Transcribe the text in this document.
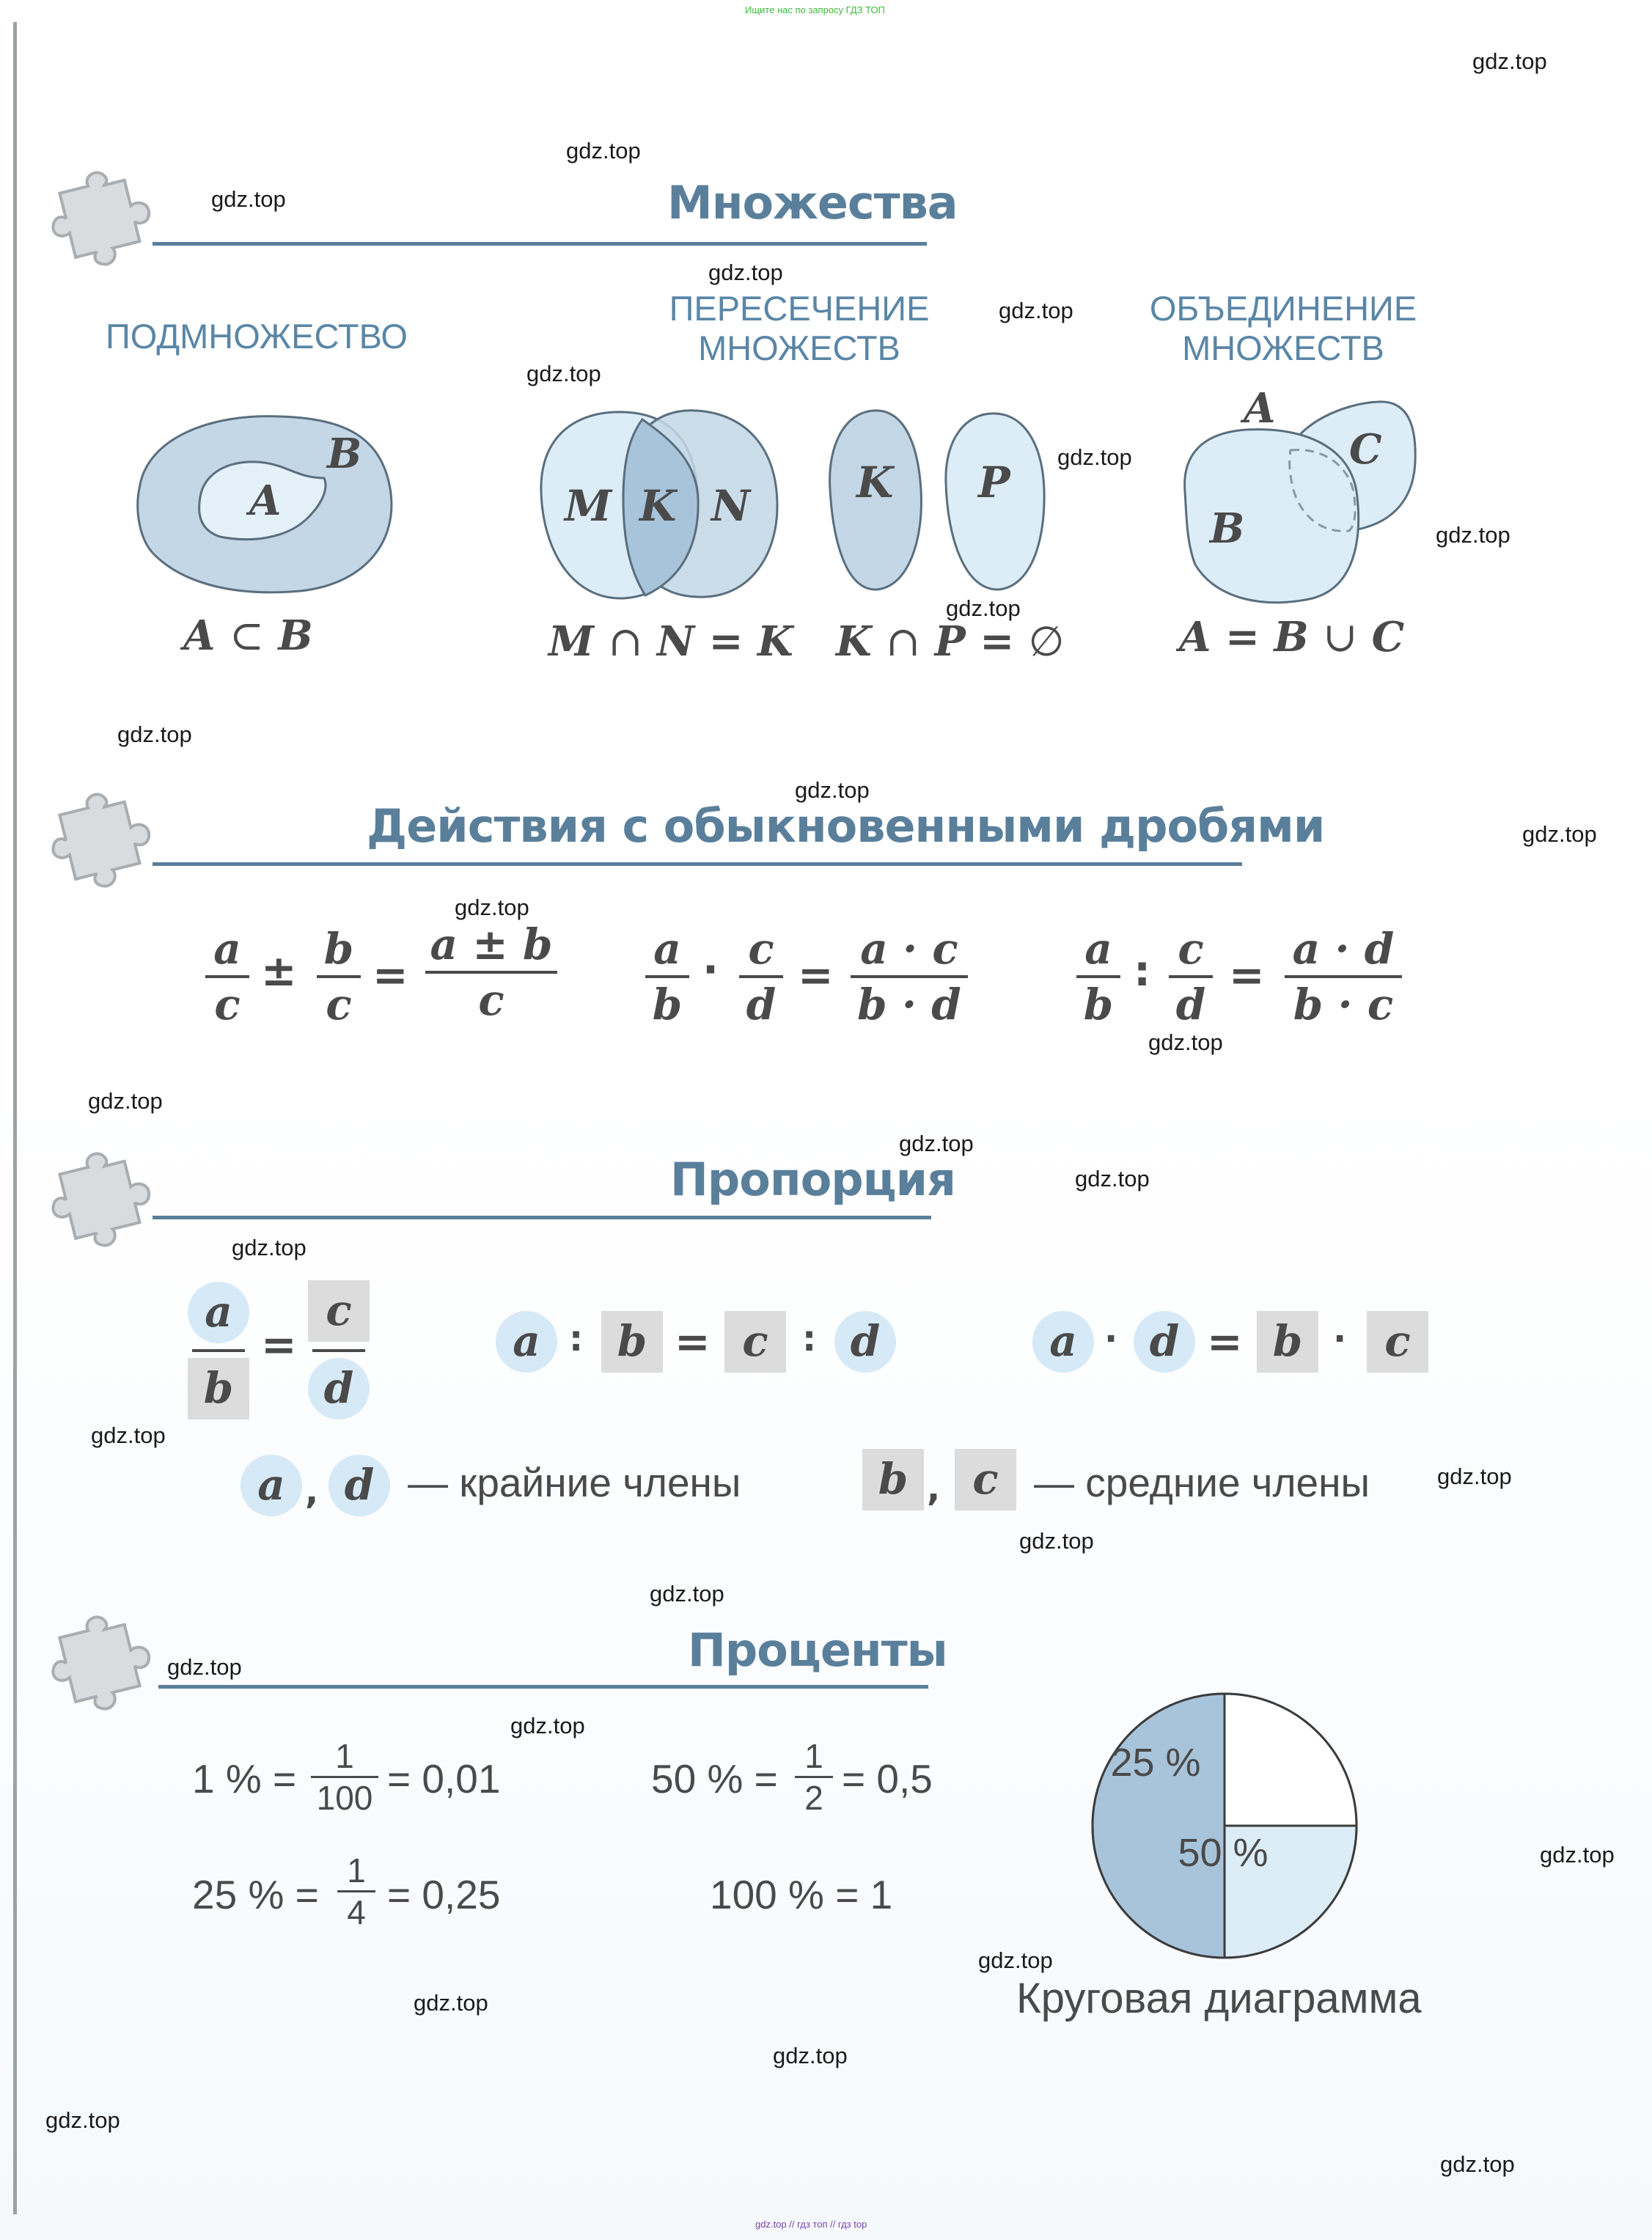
Ищите нас по запросу ГДЗ ТОП
gdz.top // гдз топ // гдз top
Множества
ПОДМНОЖЕСТВО
A
B
A ⊂ B
ПЕРЕСЕЧЕНИЕ
МНОЖЕСТВ
M K N
M ∩ N = K
K P
K ∩ P = ∅
ОБЪЕДИНЕНИЕ
МНОЖЕСТВ
A
C
B
A = B ∪ C
Действия с обыкновенными дробями
a
c
± b
c
=
a ± b
c
a
b
· c
d
=
a · c
b · d
a
b
: c
d
=
a · d
b · c
Пропорция
a
b
=
c
d
a : b = c : d	a · d = b · c
a , d — крайние члены	b , c — средние члены
Проценты
1 % =	1
100 = 0,01	50 % = 1
2 = 0,5
25 % =
1
4 = 0,25	100 % = 1
25 %
50 %
Круговая диаграмма
gdz.top
gdz.top
gdz.top
gdz.top
gdz.top
gdz.top
gdz.top
gdz.top
gdz.top
gdz.top
gdz.top
gdz.top
gdz.top
gdz.top
gdz.top
gdz.top
gdz.top
gdz.top
gdz.top
gdz.top
gdz.top
gdz.top
gdz.top
gdz.top
gdz.top
gdz.top
gdz.top
gdz.top
gdz.top
gdz.top
